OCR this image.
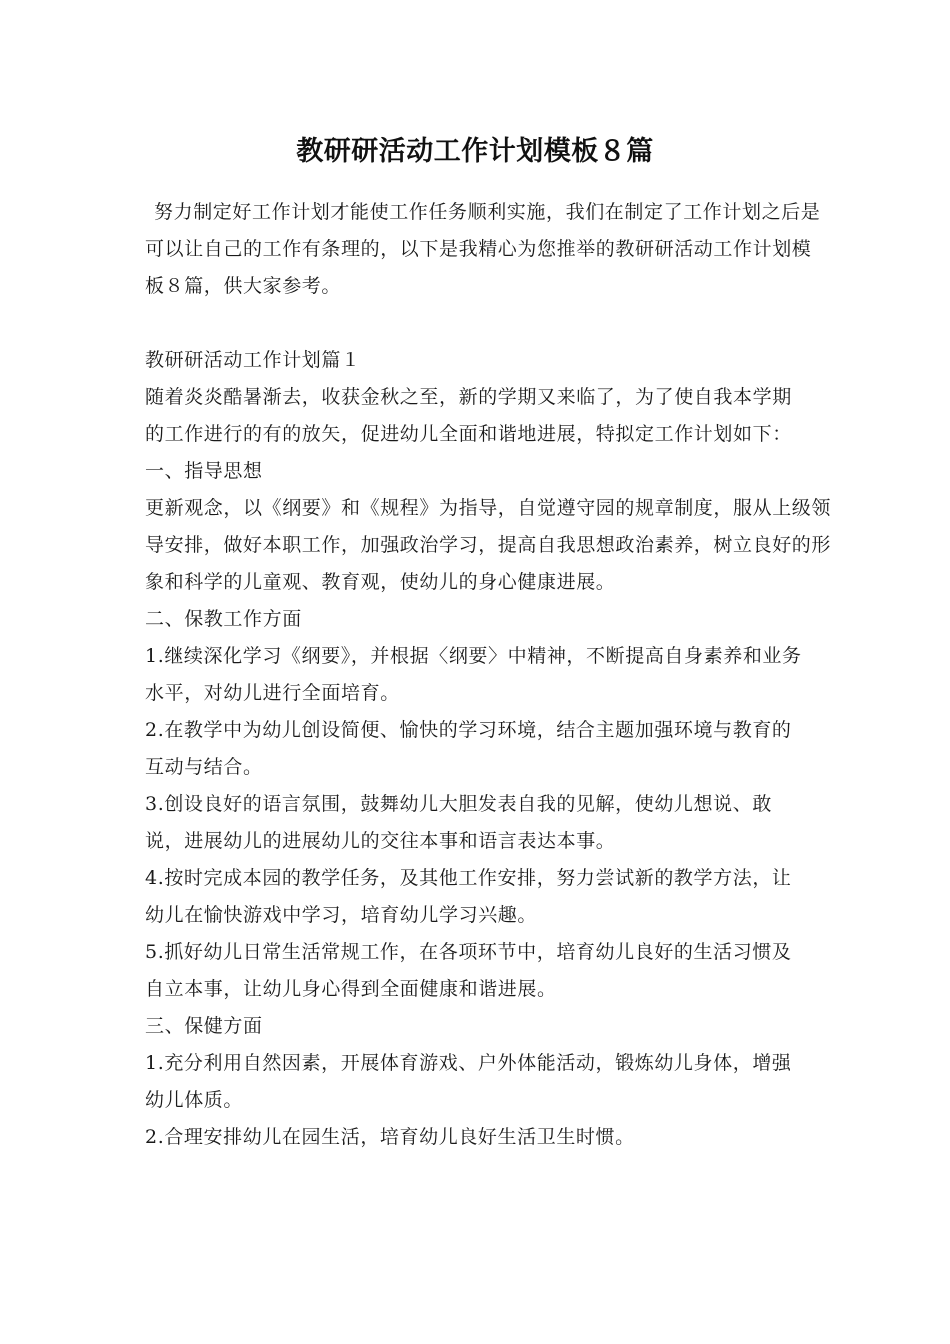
教研研活动工作计划模板８篇

努力制定好工作计划才能使工作任务顺利实施，我们在制定了工作计划之后是可以让自己的工作有条理的，以下是我精心为您推举的教研研活动工作计划模板８篇，供大家参考。

教研研活动工作计划篇１

随着炎炎酷暑渐去，收获金秋之至，新的学期又来临了，为了使自我本学期的工作进行的有的放矢，促进幼儿全面和谐地进展，特拟定工作计划如下：

一、指导思想

更新观念，以《纲要》和《规程》为指导，自觉遵守园的规章制度，服从上级领导安排，做好本职工作，加强政治学习，提高自我思想政治素养，树立良好的形象和科学的儿童观、教育观，使幼儿的身心健康进展。

二、保教工作方面

1.继续深化学习《纲要》，并根据〈纲要〉中精神，不断提高自身素养和业务水平，对幼儿进行全面培育。

2.在教学中为幼儿创设简便、愉快的学习环境，结合主题加强环境与教育的互动与结合。

3.创设良好的语言氛围，鼓舞幼儿大胆发表自我的见解，使幼儿想说、敢说，进展幼儿的进展幼儿的交往本事和语言表达本事。

4.按时完成本园的教学任务，及其他工作安排，努力尝试新的教学方法，让幼儿在愉快游戏中学习，培育幼儿学习兴趣。

5.抓好幼儿日常生活常规工作，在各项环节中，培育幼儿良好的生活习惯及自立本事，让幼儿身心得到全面健康和谐进展。

三、保健方面

1.充分利用自然因素，开展体育游戏、户外体能活动，锻炼幼儿身体，增强幼儿体质。

2.合理安排幼儿在园生活，培育幼儿良好生活卫生时惯。
